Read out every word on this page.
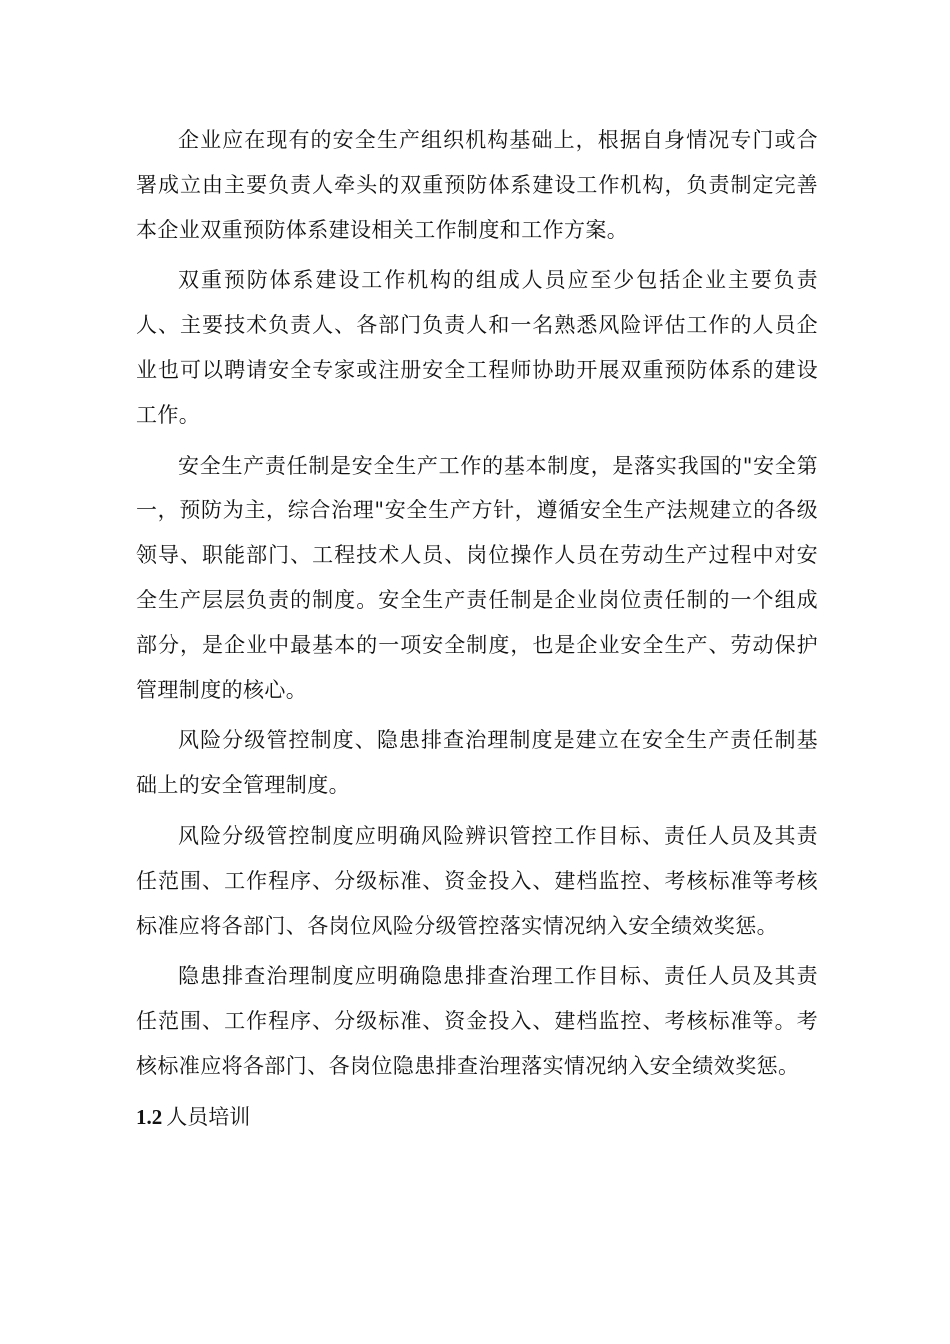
企业应在现有的安全生产组织机构基础上，根据自身情况专门或合署成立由主要负责人牵头的双重预防体系建设工作机构，负责制定完善本企业双重预防体系建设相关工作制度和工作方案。

双重预防体系建设工作机构的组成人员应至少包括企业主要负责人、主要技术负责人、各部门负责人和一名熟悉风险评估工作的人员企业也可以聘请安全专家或注册安全工程师协助开展双重预防体系的建设工作。

安全生产责任制是安全生产工作的基本制度，是落实我国的"安全第一，预防为主，综合治理"安全生产方针，遵循安全生产法规建立的各级领导、职能部门、工程技术人员、岗位操作人员在劳动生产过程中对安全生产层层负责的制度。安全生产责任制是企业岗位责任制的一个组成部分，是企业中最基本的一项安全制度，也是企业安全生产、劳动保护管理制度的核心。

风险分级管控制度、隐患排查治理制度是建立在安全生产责任制基础上的安全管理制度。

风险分级管控制度应明确风险辨识管控工作目标、责任人员及其责任范围、工作程序、分级标准、资金投入、建档监控、考核标准等考核标准应将各部门、各岗位风险分级管控落实情况纳入安全绩效奖惩。

隐患排查治理制度应明确隐患排查治理工作目标、责任人员及其责任范围、工作程序、分级标准、资金投入、建档监控、考核标准等。考核标准应将各部门、各岗位隐患排查治理落实情况纳入安全绩效奖惩。

1.2 人员培训
